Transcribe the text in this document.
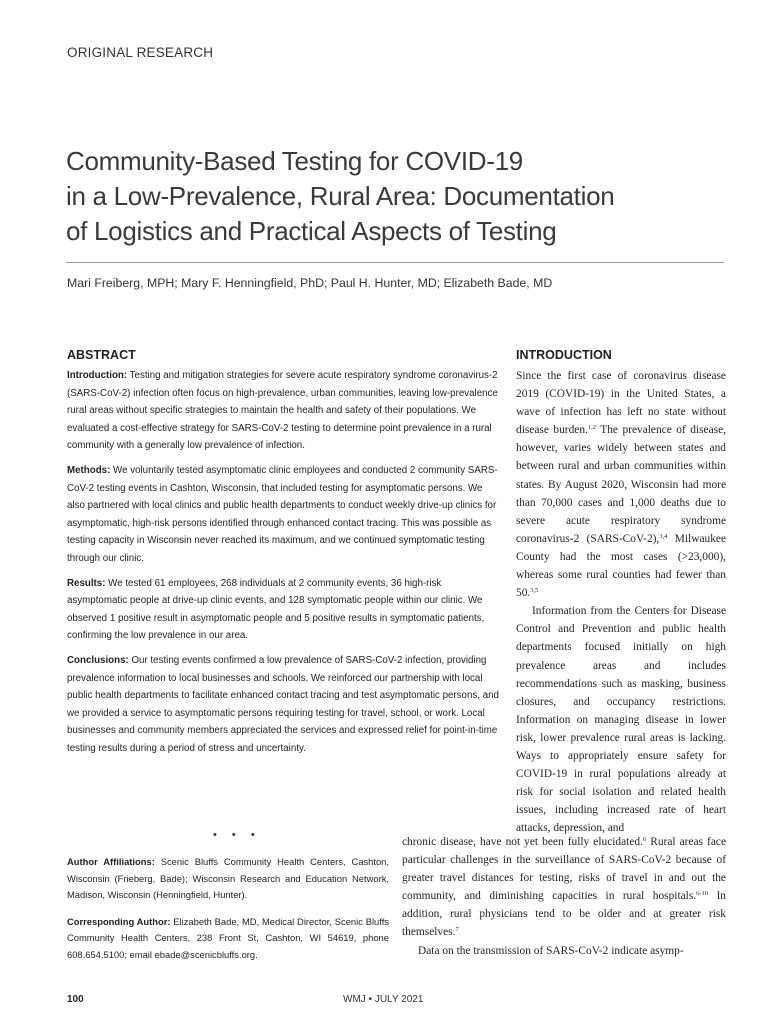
ORIGINAL RESEARCH
Community-Based Testing for COVID-19
in a Low-Prevalence, Rural Area: Documentation
of Logistics and Practical Aspects of Testing
Mari Freiberg, MPH; Mary F. Henningfield, PhD; Paul H. Hunter, MD; Elizabeth Bade, MD
ABSTRACT

Introduction: Testing and mitigation strategies for severe acute respiratory syndrome coronavirus-2 (SARS-CoV-2) infection often focus on high-prevalence, urban communities, leaving low-prevalence rural areas without specific strategies to maintain the health and safety of their populations. We evaluated a cost-effective strategy for SARS-CoV-2 testing to determine point prevalence in a rural community with a generally low prevalence of infection.

Methods: We voluntarily tested asymptomatic clinic employees and conducted 2 community SARS-CoV-2 testing events in Cashton, Wisconsin, that included testing for asymptomatic persons. We also partnered with local clinics and public health departments to conduct weekly drive-up clinics for asymptomatic, high-risk persons identified through enhanced contact tracing. This was possible as testing capacity in Wisconsin never reached its maximum, and we continued symptomatic testing through our clinic.

Results: We tested 61 employees, 268 individuals at 2 community events, 36 high-risk asymptomatic people at drive-up clinic events, and 128 symptomatic people within our clinic. We observed 1 positive result in asymptomatic people and 5 positive results in symptomatic patients, confirming the low prevalence in our area.

Conclusions: Our testing events confirmed a low prevalence of SARS-CoV-2 infection, providing prevalence information to local businesses and schools. We reinforced our partnership with local public health departments to facilitate enhanced contact tracing and test asymptomatic persons, and we provided a service to asymptomatic persons requiring testing for travel, school, or work. Local businesses and community members appreciated the services and expressed relief for point-in-time testing results during a period of stress and uncertainty.

INTRODUCTION

Since the first case of coronavirus disease 2019 (COVID-19) in the United States, a wave of infection has left no state without disease burden.$^{1,2}$ The prevalence of disease, however, varies widely between states and between rural and urban communities within states. By August 2020, Wisconsin had more than 70,000 cases and 1,000 deaths due to severe acute respiratory syndrome coronavirus-2 (SARS-CoV-2),$^{3,4}$ Milwaukee County had the most cases (>23,000), whereas some rural counties had fewer than 50.$^{3,5}$

Information from the Centers for Disease Control and Prevention and public health departments focused initially on high prevalence areas and includes recommendations such as masking, business closures, and occupancy restrictions. Information on managing disease in lower risk, lower prevalence rural areas is lacking. Ways to appropriately ensure safety for COVID-19 in rural populations already at risk for social isolation and related health issues, including increased rate of heart attacks, depression, and

chronic disease, have not yet been fully elucidated.$^6$ Rural areas face particular challenges in the surveillance of SARS-CoV-2 because of greater travel distances for testing, risks of travel in and out the community, and diminishing capacities in rural hospitals.$^{6-10}$ In addition, rural physicians tend to be older and at greater risk themselves.$^7$

Data on the transmission of SARS-CoV-2 indicate asymp-

• • •

Author Affiliations: Scenic Bluffs Community Health Centers, Cashton, Wisconsin (Frieberg, Bade); Wisconsin Research and Education Network, Madison, Wisconsin (Henningfield, Hunter).

Corresponding Author: Elizabeth Bade, MD, Medical Director, Scenic Bluffs Community Health Centers, 238 Front St, Cashton, WI 54619, phone 608.654.5100; email ebade@scenicbluffs.org.

100	WMJ • JULY 2021
